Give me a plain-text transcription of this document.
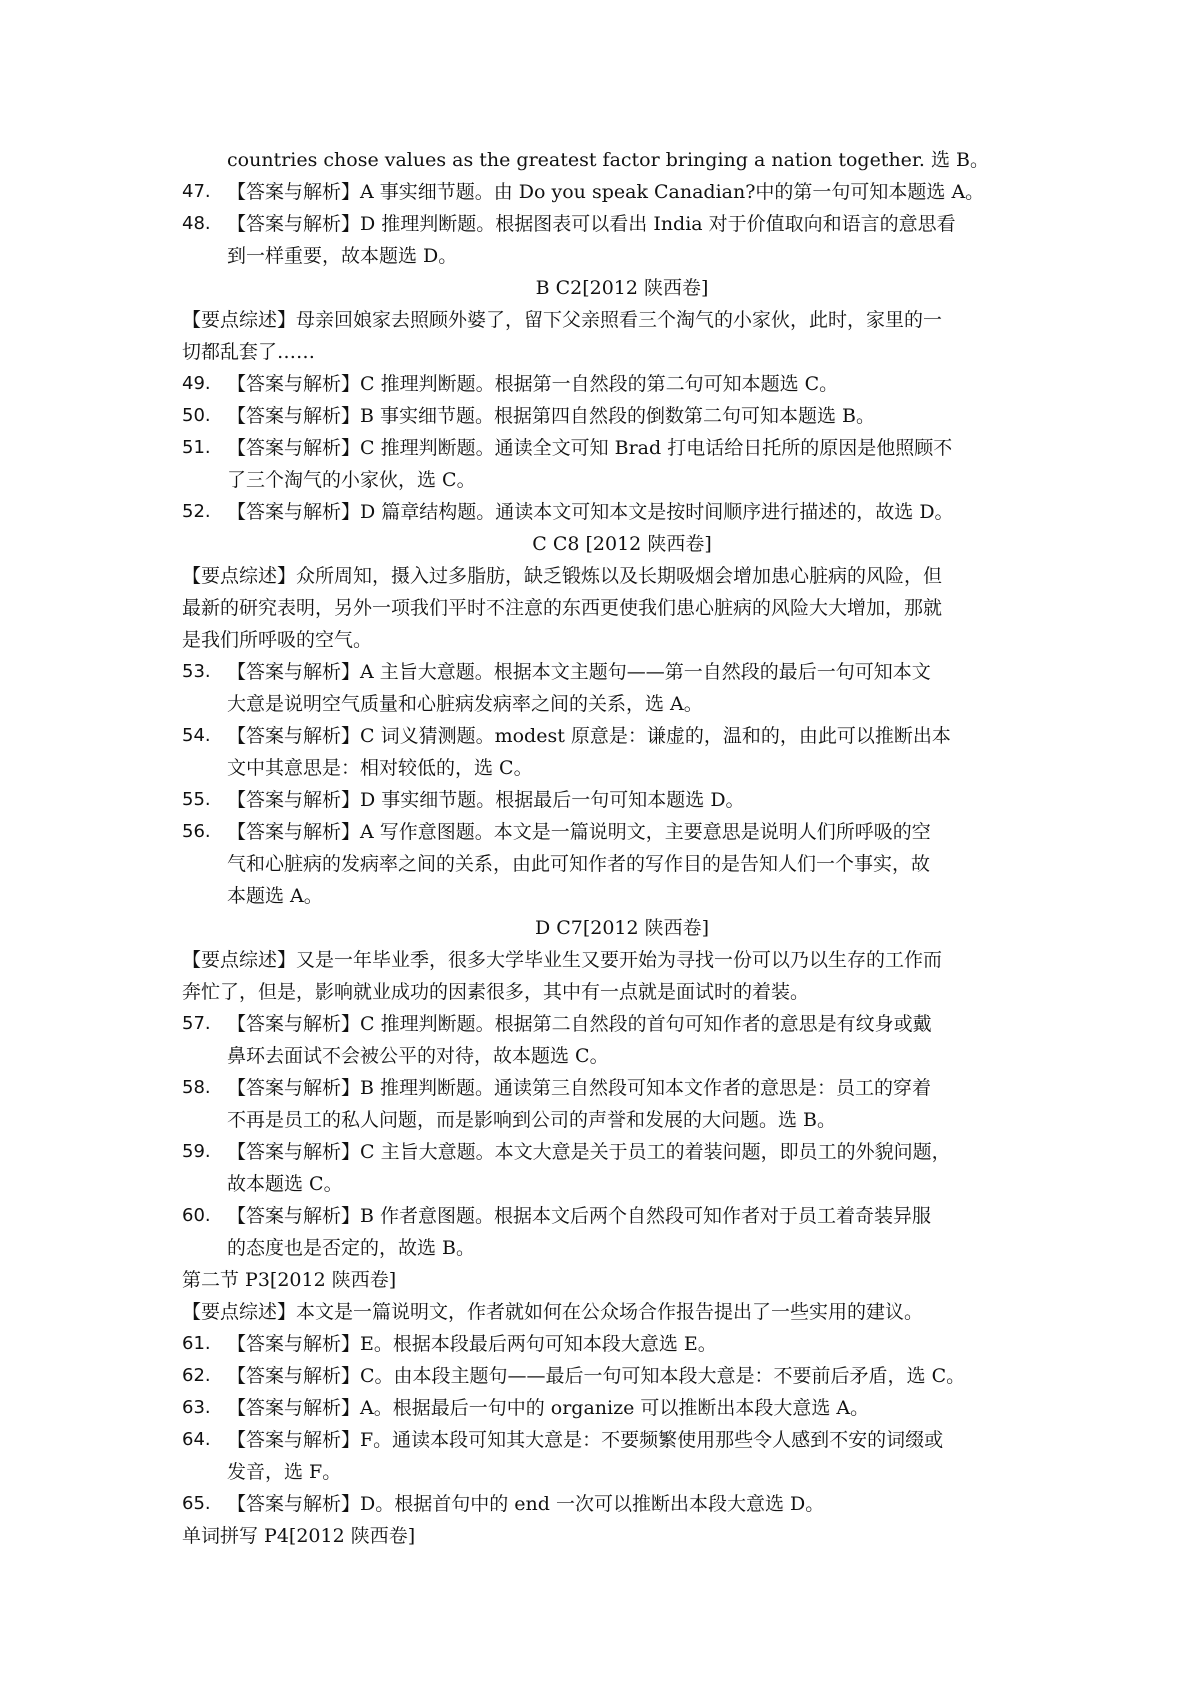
countries chose values as the greatest factor bringing a nation together. 选 B。
47. 【答案与解析】A 事实细节题。由 Do you speak Canadian?中的第一句可知本题选 A。
48. 【答案与解析】D 推理判断题。根据图表可以看出 India 对于价值取向和语言的意思看
到一样重要，故本题选 D。
B C2[2012 陕西卷]
【要点综述】母亲回娘家去照顾外婆了，留下父亲照看三个淘气的小家伙，此时，家里的一
切都乱套了……
49. 【答案与解析】C 推理判断题。根据第一自然段的第二句可知本题选 C。
50. 【答案与解析】B 事实细节题。根据第四自然段的倒数第二句可知本题选 B。
51. 【答案与解析】C 推理判断题。通读全文可知 Brad 打电话给日托所的原因是他照顾不
了三个淘气的小家伙，选 C。
52. 【答案与解析】D 篇章结构题。通读本文可知本文是按时间顺序进行描述的，故选 D。
C C8 [2012 陕西卷]
【要点综述】众所周知，摄入过多脂肪，缺乏锻炼以及长期吸烟会增加患心脏病的风险，但
最新的研究表明，另外一项我们平时不注意的东西更使我们患心脏病的风险大大增加，那就
是我们所呼吸的空气。
53. 【答案与解析】A 主旨大意题。根据本文主题句——第一自然段的最后一句可知本文
大意是说明空气质量和心脏病发病率之间的关系，选 A。
54. 【答案与解析】C 词义猜测题。modest 原意是：谦虚的，温和的，由此可以推断出本
文中其意思是：相对较低的，选 C。
55. 【答案与解析】D 事实细节题。根据最后一句可知本题选 D。
56. 【答案与解析】A 写作意图题。本文是一篇说明文，主要意思是说明人们所呼吸的空
气和心脏病的发病率之间的关系，由此可知作者的写作目的是告知人们一个事实，故
本题选 A。
D C7[2012 陕西卷]
【要点综述】又是一年毕业季，很多大学毕业生又要开始为寻找一份可以乃以生存的工作而
奔忙了，但是，影响就业成功的因素很多，其中有一点就是面试时的着装。
57. 【答案与解析】C 推理判断题。根据第二自然段的首句可知作者的意思是有纹身或戴
鼻环去面试不会被公平的对待，故本题选 C。
58. 【答案与解析】B 推理判断题。通读第三自然段可知本文作者的意思是：员工的穿着
不再是员工的私人问题，而是影响到公司的声誉和发展的大问题。选 B。
59. 【答案与解析】C 主旨大意题。本文大意是关于员工的着装问题，即员工的外貌问题，
故本题选 C。
60. 【答案与解析】B 作者意图题。根据本文后两个自然段可知作者对于员工着奇装异服
的态度也是否定的，故选 B。
第二节 P3[2012 陕西卷]
【要点综述】本文是一篇说明文，作者就如何在公众场合作报告提出了一些实用的建议。
61. 【答案与解析】E。根据本段最后两句可知本段大意选 E。
62. 【答案与解析】C。由本段主题句——最后一句可知本段大意是：不要前后矛盾，选 C。
63. 【答案与解析】A。根据最后一句中的 organize 可以推断出本段大意选 A。
64. 【答案与解析】F。通读本段可知其大意是：不要频繁使用那些令人感到不安的词缀或
发音，选 F。
65. 【答案与解析】D。根据首句中的 end 一次可以推断出本段大意选 D。
单词拼写 P4[2012 陕西卷]
